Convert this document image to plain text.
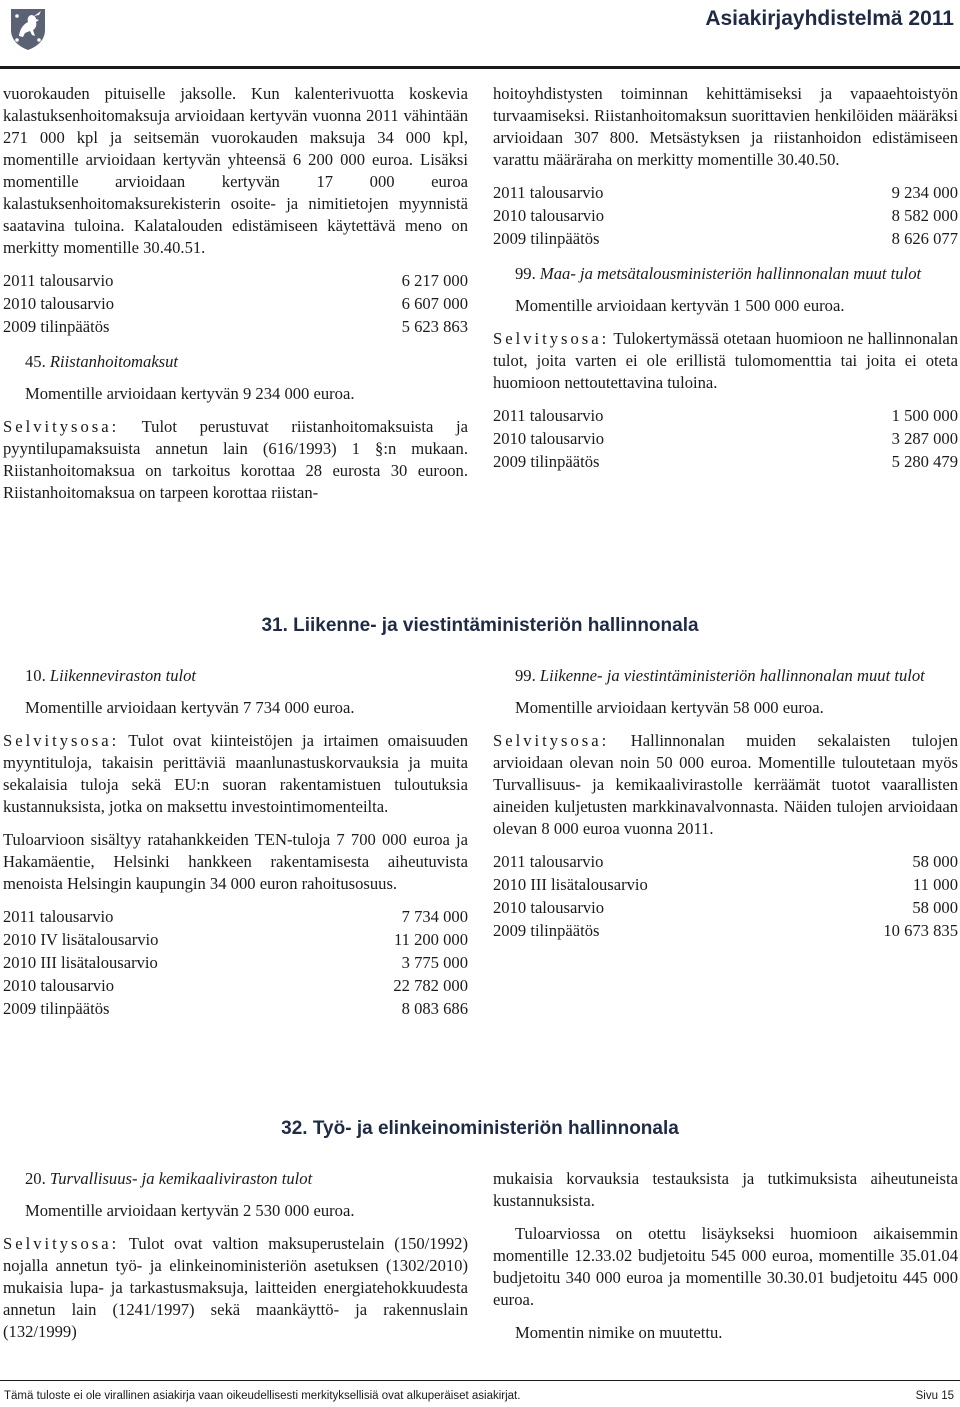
Asiakirjayhdistelmä 2011

vuorokauden pituiselle jaksolle. Kun kalenterivuotta koskevia kalastuksenhoitomaksuja arvioidaan kertyvän vuonna 2011 vähintään 271 000 kpl ja seitsemän vuorokauden maksuja 34 000 kpl, momentille arvioidaan kertyvän yhteensä 6 200 000 euroa. Lisäksi momentille arvioidaan kertyvän 17 000 euroa kalastuksenhoitomaksurekisterin osoite- ja nimitietojen myynnistä saatavina tuloina. Kalatalouden edistämiseen käytettävä meno on merkitty momentille 30.40.51.

2011 talousarvio	6 217 000
2010 talousarvio	6 607 000
2009 tilinpäätös	5 623 863

45. Riistanhoitomaksut

Momentille arvioidaan kertyvän 9 234 000 euroa.

Selvitysosa: Tulot perustuvat riistanhoitomaksuista ja pyyntilupamaksuista annetun lain (616/1993) 1 §:n mukaan. Riistanhoitomaksua on tarkoitus korottaa 28 eurosta 30 euroon. Riistanhoitomaksua on tarpeen korottaa riistan-

hoitoyhdistysten toiminnan kehittämiseksi ja vapaaehtoistyön turvaamiseksi. Riistanhoitomaksun suorittavien henkilöiden määräksi arvioidaan 307 800. Metsästyksen ja riistanhoidon edistämiseen varattu määräraha on merkitty momentille 30.40.50.

2011 talousarvio	9 234 000
2010 talousarvio	8 582 000
2009 tilinpäätös	8 626 077

99. Maa- ja metsätalousministeriön hallinnonalan muut tulot

Momentille arvioidaan kertyvän 1 500 000 euroa.

Selvitysosa: Tulokertymässä otetaan huomioon ne hallinnonalan tulot, joita varten ei ole erillistä tulomomenttia tai joita ei oteta huomioon nettoutettavina tuloina.

2011 talousarvio	1 500 000
2010 talousarvio	3 287 000
2009 tilinpäätös	5 280 479
31. Liikenne- ja viestintäministeriön hallinnonala

10. Liikenneviraston tulot

Momentille arvioidaan kertyvän 7 734 000 euroa.

Selvitysosa: Tulot ovat kiinteistöjen ja irtaimen omaisuuden myyntituloja, takaisin perittäviä maanlunastuskorvauksia ja muita sekalaisia tuloja sekä EU:n suoran rakentamistuen tuloutuksia kustannuksista, jotka on maksettu investointimomenteilta.

Tuloarvioon sisältyy ratahankkeiden TEN-tuloja 7 700 000 euroa ja Hakamäentie, Helsinki hankkeen rakentamisesta aiheutuvista menoista Helsingin kaupungin 34 000 euron rahoitusosuus.

2011 talousarvio	7 734 000
2010 IV lisätalousarvio	11 200 000
2010 III lisätalousarvio	3 775 000
2010 talousarvio	22 782 000
2009 tilinpäätös	8 083 686

99. Liikenne- ja viestintäministeriön hallinnonalan muut tulot

Momentille arvioidaan kertyvän 58 000 euroa.

Selvitysosa: Hallinnonalan muiden sekalaisten tulojen arvioidaan olevan noin 50 000 euroa. Momentille tuloutetaan myös Turvallisuus- ja kemikaalivirastolle kerräämät tuotot vaarallisten aineiden kuljetusten markkinavalvonnasta. Näiden tulojen arvioidaan olevan 8 000 euroa vuonna 2011.

2011 talousarvio	58 000
2010 III lisätalousarvio	11 000
2010 talousarvio	58 000
2009 tilinpäätös	10 673 835
32. Työ- ja elinkeinoministeriön hallinnonala

20. Turvallisuus- ja kemikaaliviraston tulot

Momentille arvioidaan kertyvän 2 530 000 euroa.

Selvitysosa: Tulot ovat valtion maksuperustelain (150/1992) nojalla annetun työ- ja elinkeinoministeriön asetuksen (1302/2010) mukaisia lupa- ja tarkastusmaksuja, laitteiden energiatehokkuudesta annetun lain (1241/1997) sekä maankäyttö- ja rakennuslain (132/1999)

mukaisia korvauksia testauksista ja tutkimuksista aiheutuneista kustannuksista.

Tuloarviossa on otettu lisäykseksi huomioon aikaisemmin momentille 12.33.02 budjetoitu 545 000 euroa, momentille 35.01.04 budjetoitu 340 000 euroa ja momentille 30.30.01 budjetoitu 445 000 euroa.

Momentin nimike on muutettu.

Tämä tuloste ei ole virallinen asiakirja vaan oikeudellisesti merkityksellisiä ovat alkuperäiset asiakirjat.	Sivu 15
